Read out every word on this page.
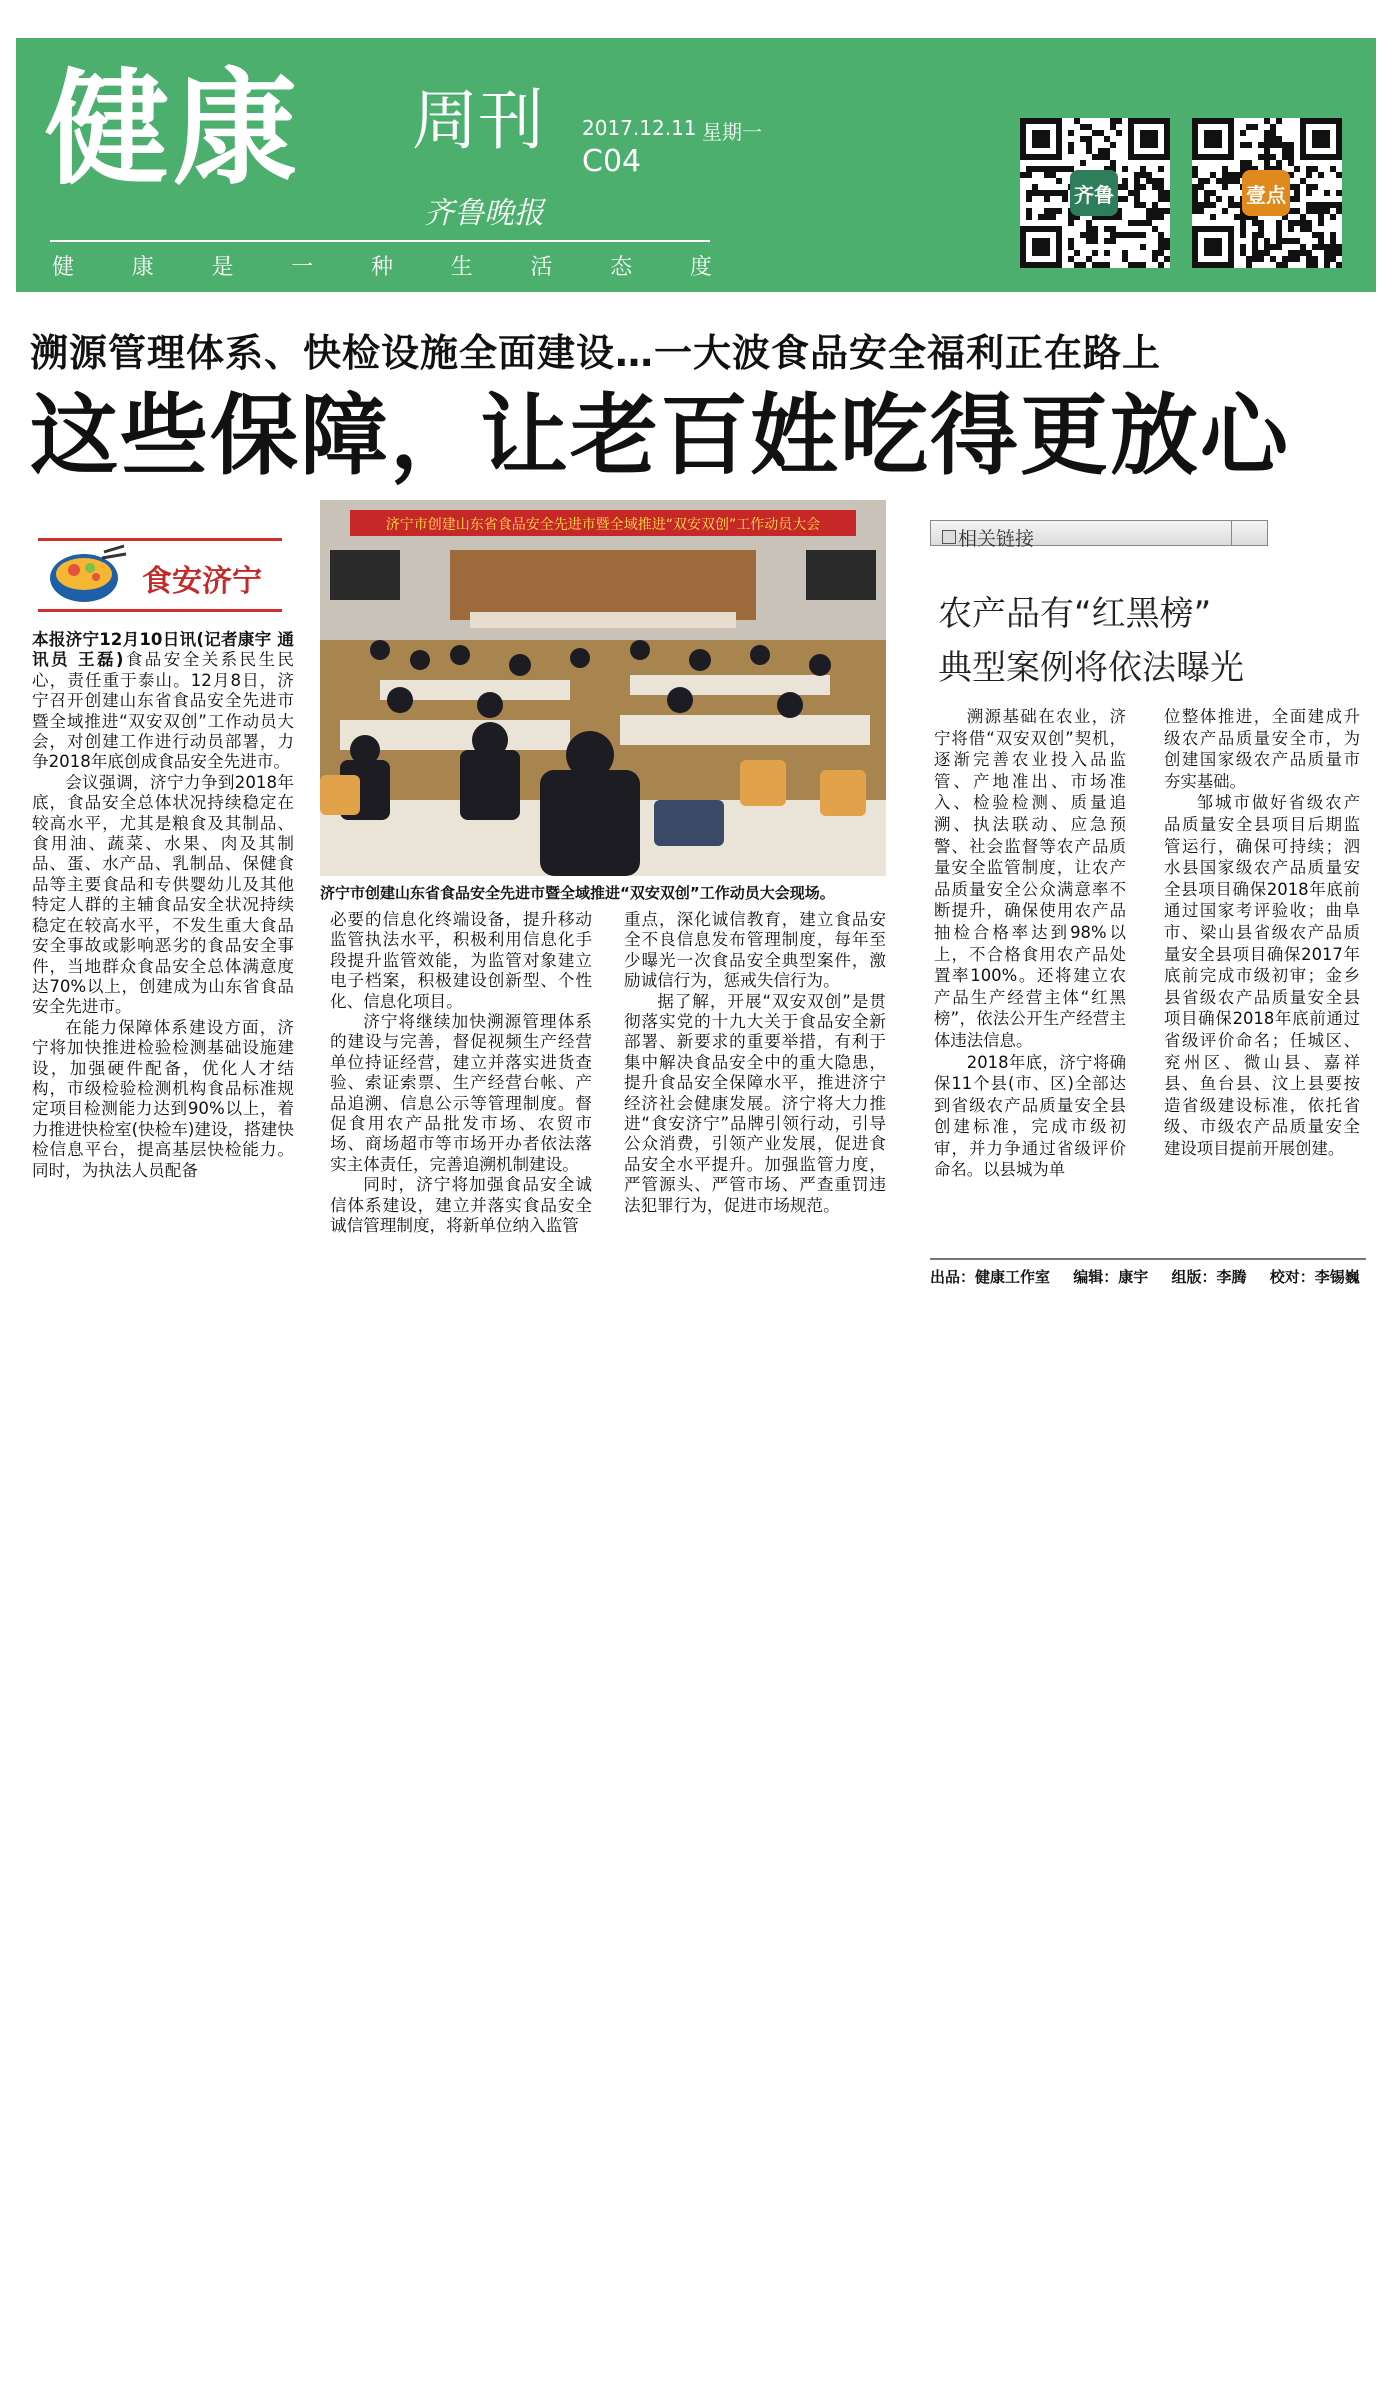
健康 周刊 2017.12.11 星期一
C04
齐鲁晚报
健	康	是	一	种	生	活	态	度
齐鲁	壹点
溯源管理体系、快检设施全面建设…一大波食品安全福利正在路上
这些保障，让老百姓吃得更放心
食安济宁

本报济宁12月10日讯(记者康宇 通讯员 王磊)食品安全关系民生民心，责任重于泰山。12月8日，济宁召开创建山东省食品安全先进市暨全域推进“双安双创”工作动员大会，对创建工作进行动员部署，力争2018年底创成食品安全先进市。

会议强调，济宁力争到2018年底，食品安全总体状况持续稳定在较高水平，尤其是粮食及其制品、食用油、蔬菜、水果、肉及其制品、蛋、水产品、乳制品、保健食品等主要食品和专供婴幼儿及其他特定人群的主辅食品安全状况持续稳定在较高水平，不发生重大食品安全事故或影响恶劣的食品安全事件，当地群众食品安全总体满意度达70%以上，创建成为山东省食品安全先进市。

在能力保障体系建设方面，济宁将加快推进检验检测基础设施建设，加强硬件配备，优化人才结构，市级检验检测机构食品标准规定项目检测能力达到90%以上，着力推进快检室(快检车)建设，搭建快检信息平台，提高基层快检能力。同时，为执法人员配备

济宁市创建山东省食品安全先进市暨全域推进“双安双创”工作动员大会
济宁市创建山东省食品安全先进市暨全域推进“双安双创”工作动员大会现场。

必要的信息化终端设备，提升移动监管执法水平，积极利用信息化手段提升监管效能，为监管对象建立电子档案，积极建设创新型、个性化、信息化项目。

济宁将继续加快溯源管理体系的建设与完善，督促视频生产经营单位持证经营，建立并落实进货查验、索证索票、生产经营台帐、产品追溯、信息公示等管理制度。督促食用农产品批发市场、农贸市场、商场超市等市场开办者依法落实主体责任，完善追溯机制建设。

同时，济宁将加强食品安全诚信体系建设，建立并落实食品安全诚信管理制度，将新单位纳入监管

重点，深化诚信教育，建立食品安全不良信息发布管理制度，每年至少曝光一次食品安全典型案件，激励诚信行为，惩戒失信行为。

据了解，开展“双安双创”是贯彻落实党的十九大关于食品安全新部署、新要求的重要举措，有利于集中解决食品安全中的重大隐患，提升食品安全保障水平，推进济宁经济社会健康发展。济宁将大力推进“食安济宁”品牌引领行动，引导公众消费，引领产业发展，促进食品安全水平提升。加强监管力度，严管源头、严管市场、严查重罚违法犯罪行为，促进市场规范。

相关链接
农产品有“红黑榜”
典型案例将依法曝光

溯源基础在农业，济宁将借“双安双创”契机，逐渐完善农业投入品监管、产地准出、市场准入、检验检测、质量追溯、执法联动、应急预警、社会监督等农产品质量安全监管制度，让农产品质量安全公众满意率不断提升，确保使用农产品抽检合格率达到98%以上，不合格食用农产品处置率100%。还将建立农产品生产经营主体“红黑榜”，依法公开生产经营主体违法信息。

2018年底，济宁将确保11个县(市、区)全部达到省级农产品质量安全县创建标准，完成市级初审，并力争通过省级评价命名。以县城为单

位整体推进，全面建成升级农产品质量安全市，为创建国家级农产品质量市夯实基础。

邹城市做好省级农产品质量安全县项目后期监管运行，确保可持续；泗水县国家级农产品质量安全县项目确保2018年底前通过国家考评验收；曲阜市、梁山县省级农产品质量安全县项目确保2017年底前完成市级初审；金乡县省级农产品质量安全县项目确保2018年底前通过省级评价命名；任城区、兖州区、微山县、嘉祥县、鱼台县、汶上县要按造省级建设标准，依托省级、市级农产品质量安全建设项目提前开展创建。

出品：健康工作室 编辑：康宇 组版：李腾 校对：李锡巍
